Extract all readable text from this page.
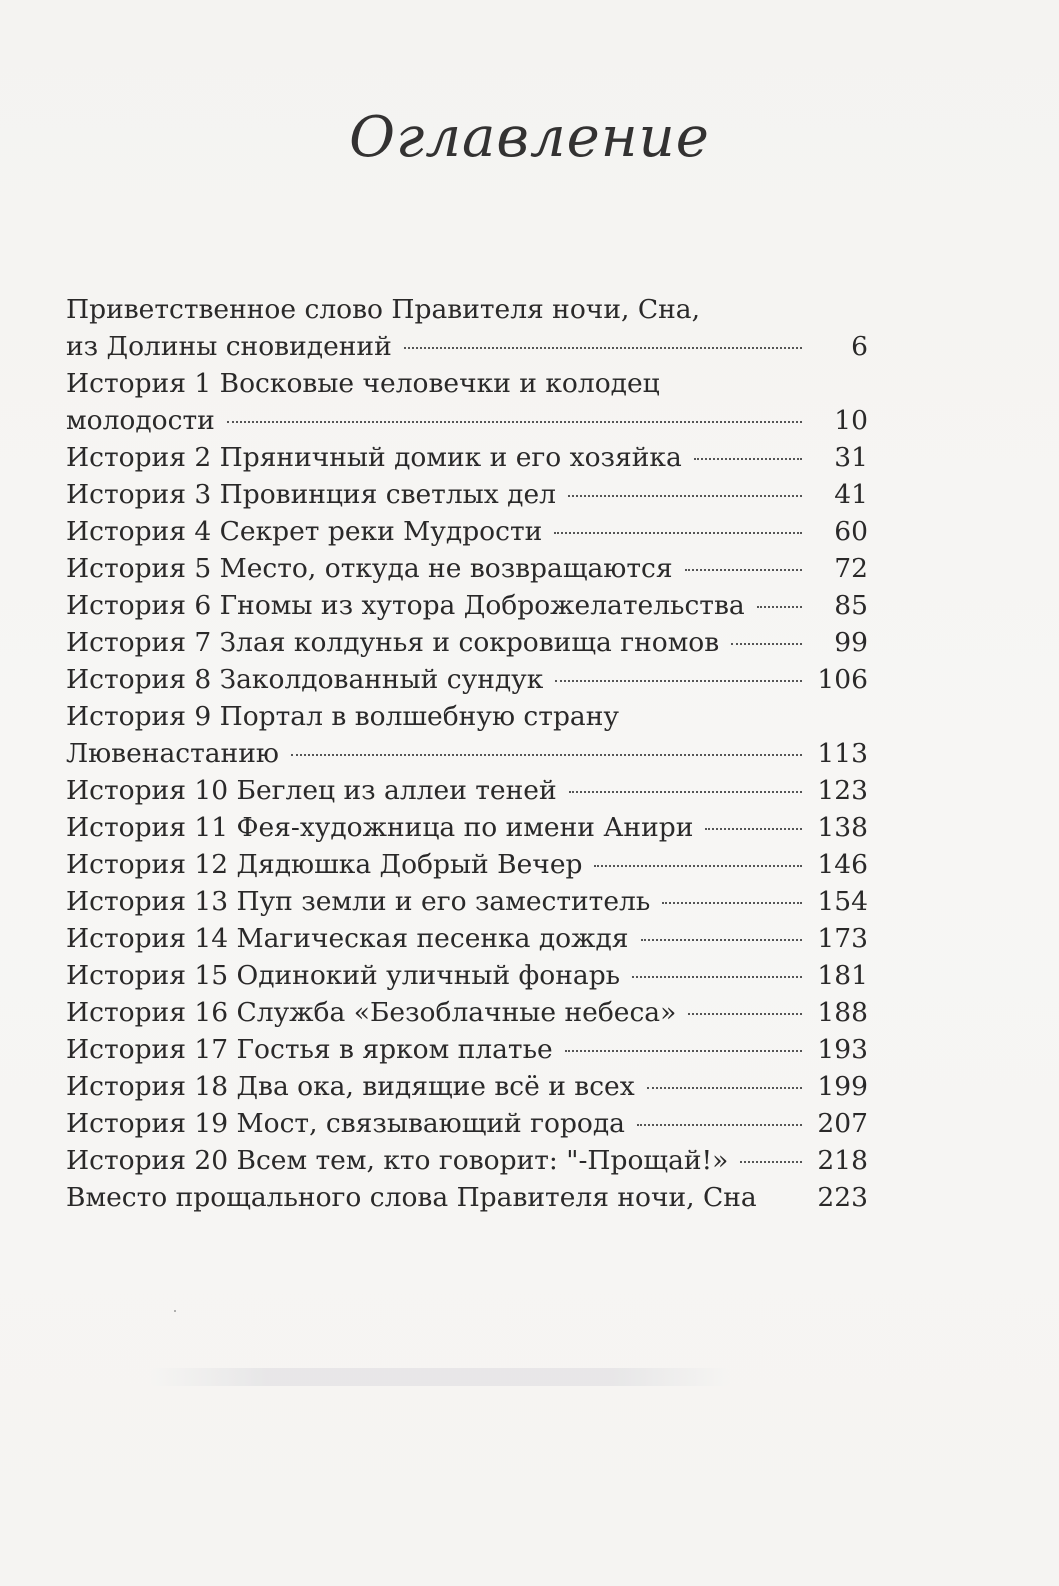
Оглавление
Приветственное слово Правителя ночи, Сна,
из Долины сновидений	6
История 1 Восковые человечки и колодец
молодости	10
История 2 Пряничный домик и его хозяйка	31
История 3 Провинция светлых дел	41
История 4 Секрет реки Мудрости	60
История 5 Место, откуда не возвращаются	72
История 6 Гномы из хутора Доброжелательства	85
История 7 Злая колдунья и сокровища гномов	99
История 8 Заколдованный сундук	106
История 9 Портал в волшебную страну
Лювенастанию	113
История 10 Беглец из аллеи теней	123
История 11 Фея-художница по имени Анири	138
История 12 Дядюшка Добрый Вечер	146
История 13 Пуп земли и его заместитель	154
История 14 Магическая песенка дождя	173
История 15 Одинокий уличный фонарь	181
История 16 Служба «Безоблачные небеса»	188
История 17 Гостья в ярком платье	193
История 18 Два ока, видящие всё и всех	199
История 19 Мост, связывающий города	207
История 20 Всем тем, кто говорит: "-Прощай!»	218
Вместо прощального слова Правителя ночи, Сна 223
